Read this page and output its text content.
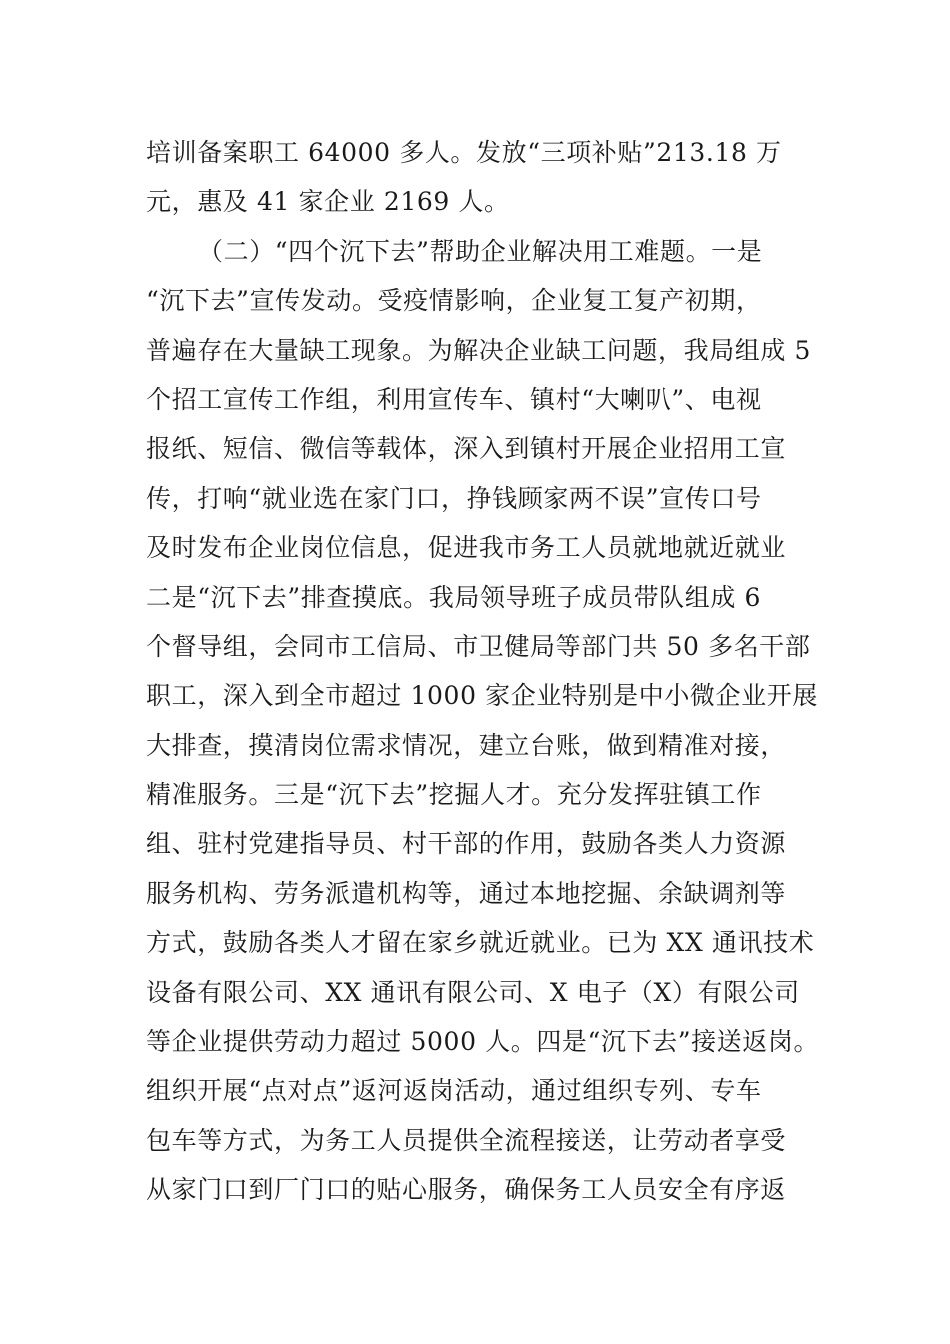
培训备案职工 64000 多人。发放“三项补贴”213.18 万
元，惠及 41 家企业 2169 人。
（二）“四个沉下去”帮助企业解决用工难题。一是
“沉下去”宣传发动。受疫情影响，企业复工复产初期，
普遍存在大量缺工现象。为解决企业缺工问题，我局组成 5
个招工宣传工作组，利用宣传车、镇村“大喇叭”、电视
报纸、短信、微信等载体，深入到镇村开展企业招用工宣
传，打响“就业选在家门口，挣钱顾家两不误”宣传口号
及时发布企业岗位信息，促进我市务工人员就地就近就业
二是“沉下去”排查摸底。我局领导班子成员带队组成 6
个督导组，会同市工信局、市卫健局等部门共 50 多名干部
职工，深入到全市超过 1000 家企业特别是中小微企业开展
大排查，摸清岗位需求情况，建立台账，做到精准对接，
精准服务。三是“沉下去”挖掘人才。充分发挥驻镇工作
组、驻村党建指导员、村干部的作用，鼓励各类人力资源
服务机构、劳务派遣机构等，通过本地挖掘、余缺调剂等
方式，鼓励各类人才留在家乡就近就业。已为 XX 通讯技术
设备有限公司、XX 通讯有限公司、X 电子（X）有限公司
等企业提供劳动力超过 5000 人。四是“沉下去”接送返岗。
组织开展“点对点”返河返岗活动，通过组织专列、专车
包车等方式，为务工人员提供全流程接送，让劳动者享受
从家门口到厂门口的贴心服务，确保务工人员安全有序返
